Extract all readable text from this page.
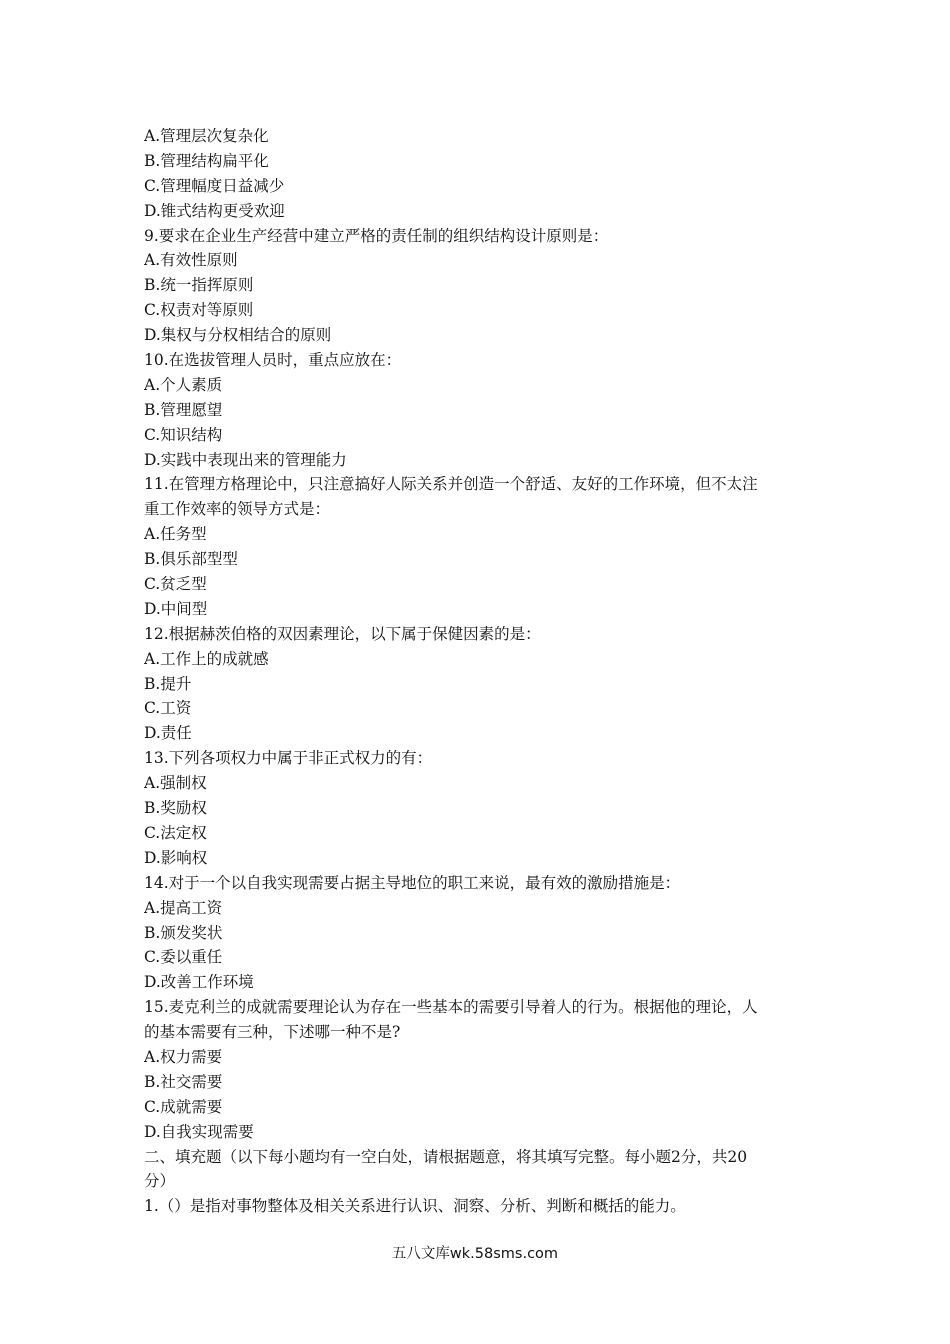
A.管理层次复杂化
B.管理结构扁平化
C.管理幅度日益减少
D.锥式结构更受欢迎
9.要求在企业生产经营中建立严格的责任制的组织结构设计原则是：
A.有效性原则
B.统一指挥原则
C.权责对等原则
D.集权与分权相结合的原则
10.在选拔管理人员时，重点应放在：
A.个人素质
B.管理愿望
C.知识结构
D.实践中表现出来的管理能力
11.在管理方格理论中，只注意搞好人际关系并创造一个舒适、友好的工作环境，但不太注
重工作效率的领导方式是：
A.任务型
B.俱乐部型型
C.贫乏型
D.中间型
12.根据赫茨伯格的双因素理论，以下属于保健因素的是：
A.工作上的成就感
B.提升
C.工资
D.责任
13.下列各项权力中属于非正式权力的有：
A.强制权
B.奖励权
C.法定权
D.影响权
14.对于一个以自我实现需要占据主导地位的职工来说，最有效的激励措施是：
A.提高工资
B.颁发奖状
C.委以重任
D.改善工作环境
15.麦克利兰的成就需要理论认为存在一些基本的需要引导着人的行为。根据他的理论，人
的基本需要有三种，下述哪一种不是?
A.权力需要
B.社交需要
C.成就需要
D.自我实现需要
二、填充题（以下每小题均有一空白处，请根据题意，将其填写完整。每小题2分，共20
分）
1.（）是指对事物整体及相关关系进行认识、洞察、分析、判断和概括的能力。
五八文库wk.58sms.com
